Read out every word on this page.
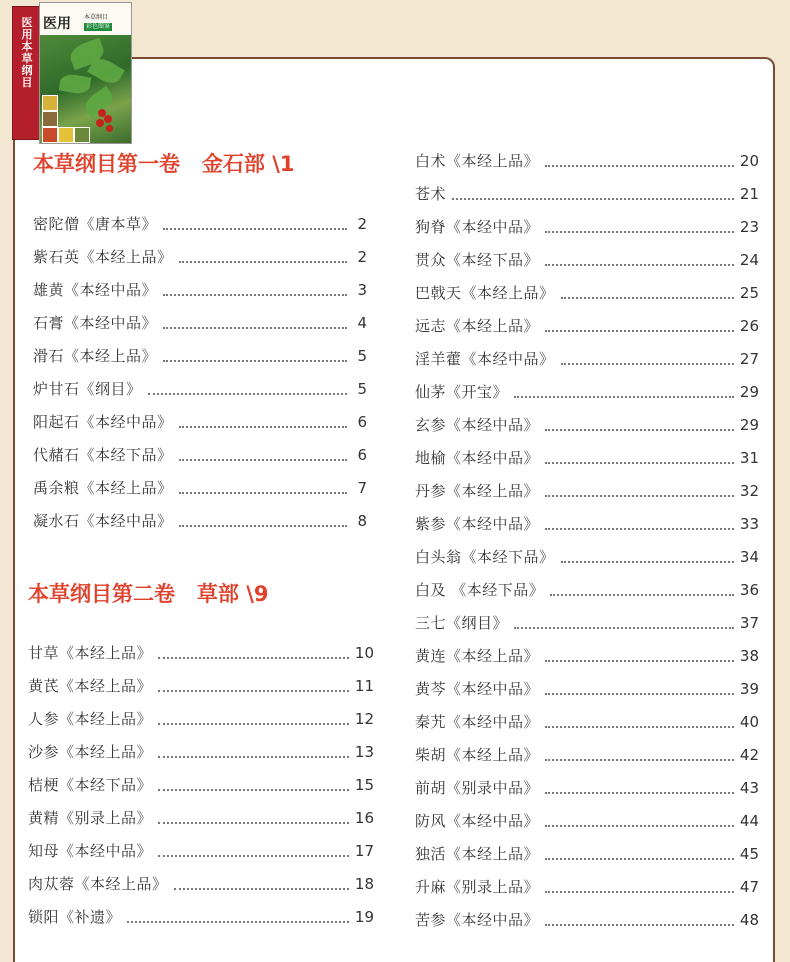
医用本草纲目
医用 本草纲目
彩色图鉴
本草纲目第一卷   金石部 \1
密陀僧《唐本草》	2
紫石英《本经上品》	2
雄黄《本经中品》	3
石膏《本经中品》	4
滑石《本经上品》	5
炉甘石《纲目》	5
阳起石《本经中品》	6
代赭石《本经下品》	6
禹余粮《本经上品》	7
凝水石《本经中品》	8
本草纲目第二卷   草部 \9
甘草《本经上品》	10
黄芪《本经上品》	11
人参《本经上品》	12
沙参《本经上品》	13
桔梗《本经下品》	15
黄精《别录上品》	16
知母《本经中品》	17
肉苁蓉《本经上品》	18
锁阳《补遗》	19
白术《本经上品》	20
苍术	21
狗脊《本经中品》	23
贯众《本经下品》	24
巴戟天《本经上品》	25
远志《本经上品》	26
淫羊藿《本经中品》	27
仙茅《开宝》	29
玄参《本经中品》	29
地榆《本经中品》	31
丹参《本经上品》	32
紫参《本经中品》	33
白头翁《本经下品》	34
白及 《本经下品》	36
三七《纲目》	37
黄连《本经上品》	38
黄芩《本经中品》	39
秦艽《本经中品》	40
柴胡《本经上品》	42
前胡《别录中品》	43
防风《本经中品》	44
独活《本经上品》	45
升麻《别录上品》	47
苦参《本经中品》	48
